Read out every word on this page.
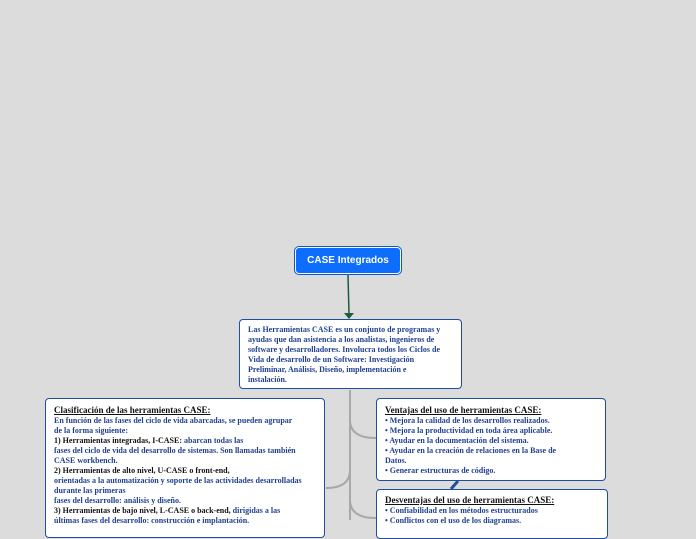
CASE Integrados
Las Herramientas CASE es un conjunto de programas y
ayudas que dan asistencia a los analistas, ingenieros de
software y desarrolladores. Involucra todos los Ciclos de
Vida de desarrollo de un Software: Investigación
Preliminar, Análisis, Diseño, implementación e
instalación.
Clasificación de las herramientas CASE:
En función de las fases del ciclo de vida abarcadas, se pueden agrupar
de la forma siguiente:
1) Herramientas integradas, I-CASE: abarcan todas las
fases del ciclo de vida del desarrollo de sistemas. Son llamadas también
CASE workbench.
2) Herramientas de alto nivel, U-CASE o front-end,
orientadas a la automatización y soporte de las actividades desarrolladas
durante las primeras
fases del desarrollo: análisis y diseño.
3) Herramientas de bajo nivel, L-CASE o back-end, dirigidas a las
últimas fases del desarrollo: construcción e implantación.
Ventajas del uso de herramientas CASE:
• Mejora la calidad de los desarrollos realizados.
• Mejora la productividad en toda área aplicable.
• Ayudar en la documentación del sistema.
• Ayudar en la creación de relaciones en la Base de
Datos.
• Generar estructuras de código.
Desventajas del uso de herramientas CASE:
• Confiabilidad en los métodos estructurados
• Conflictos con el uso de los diagramas.
